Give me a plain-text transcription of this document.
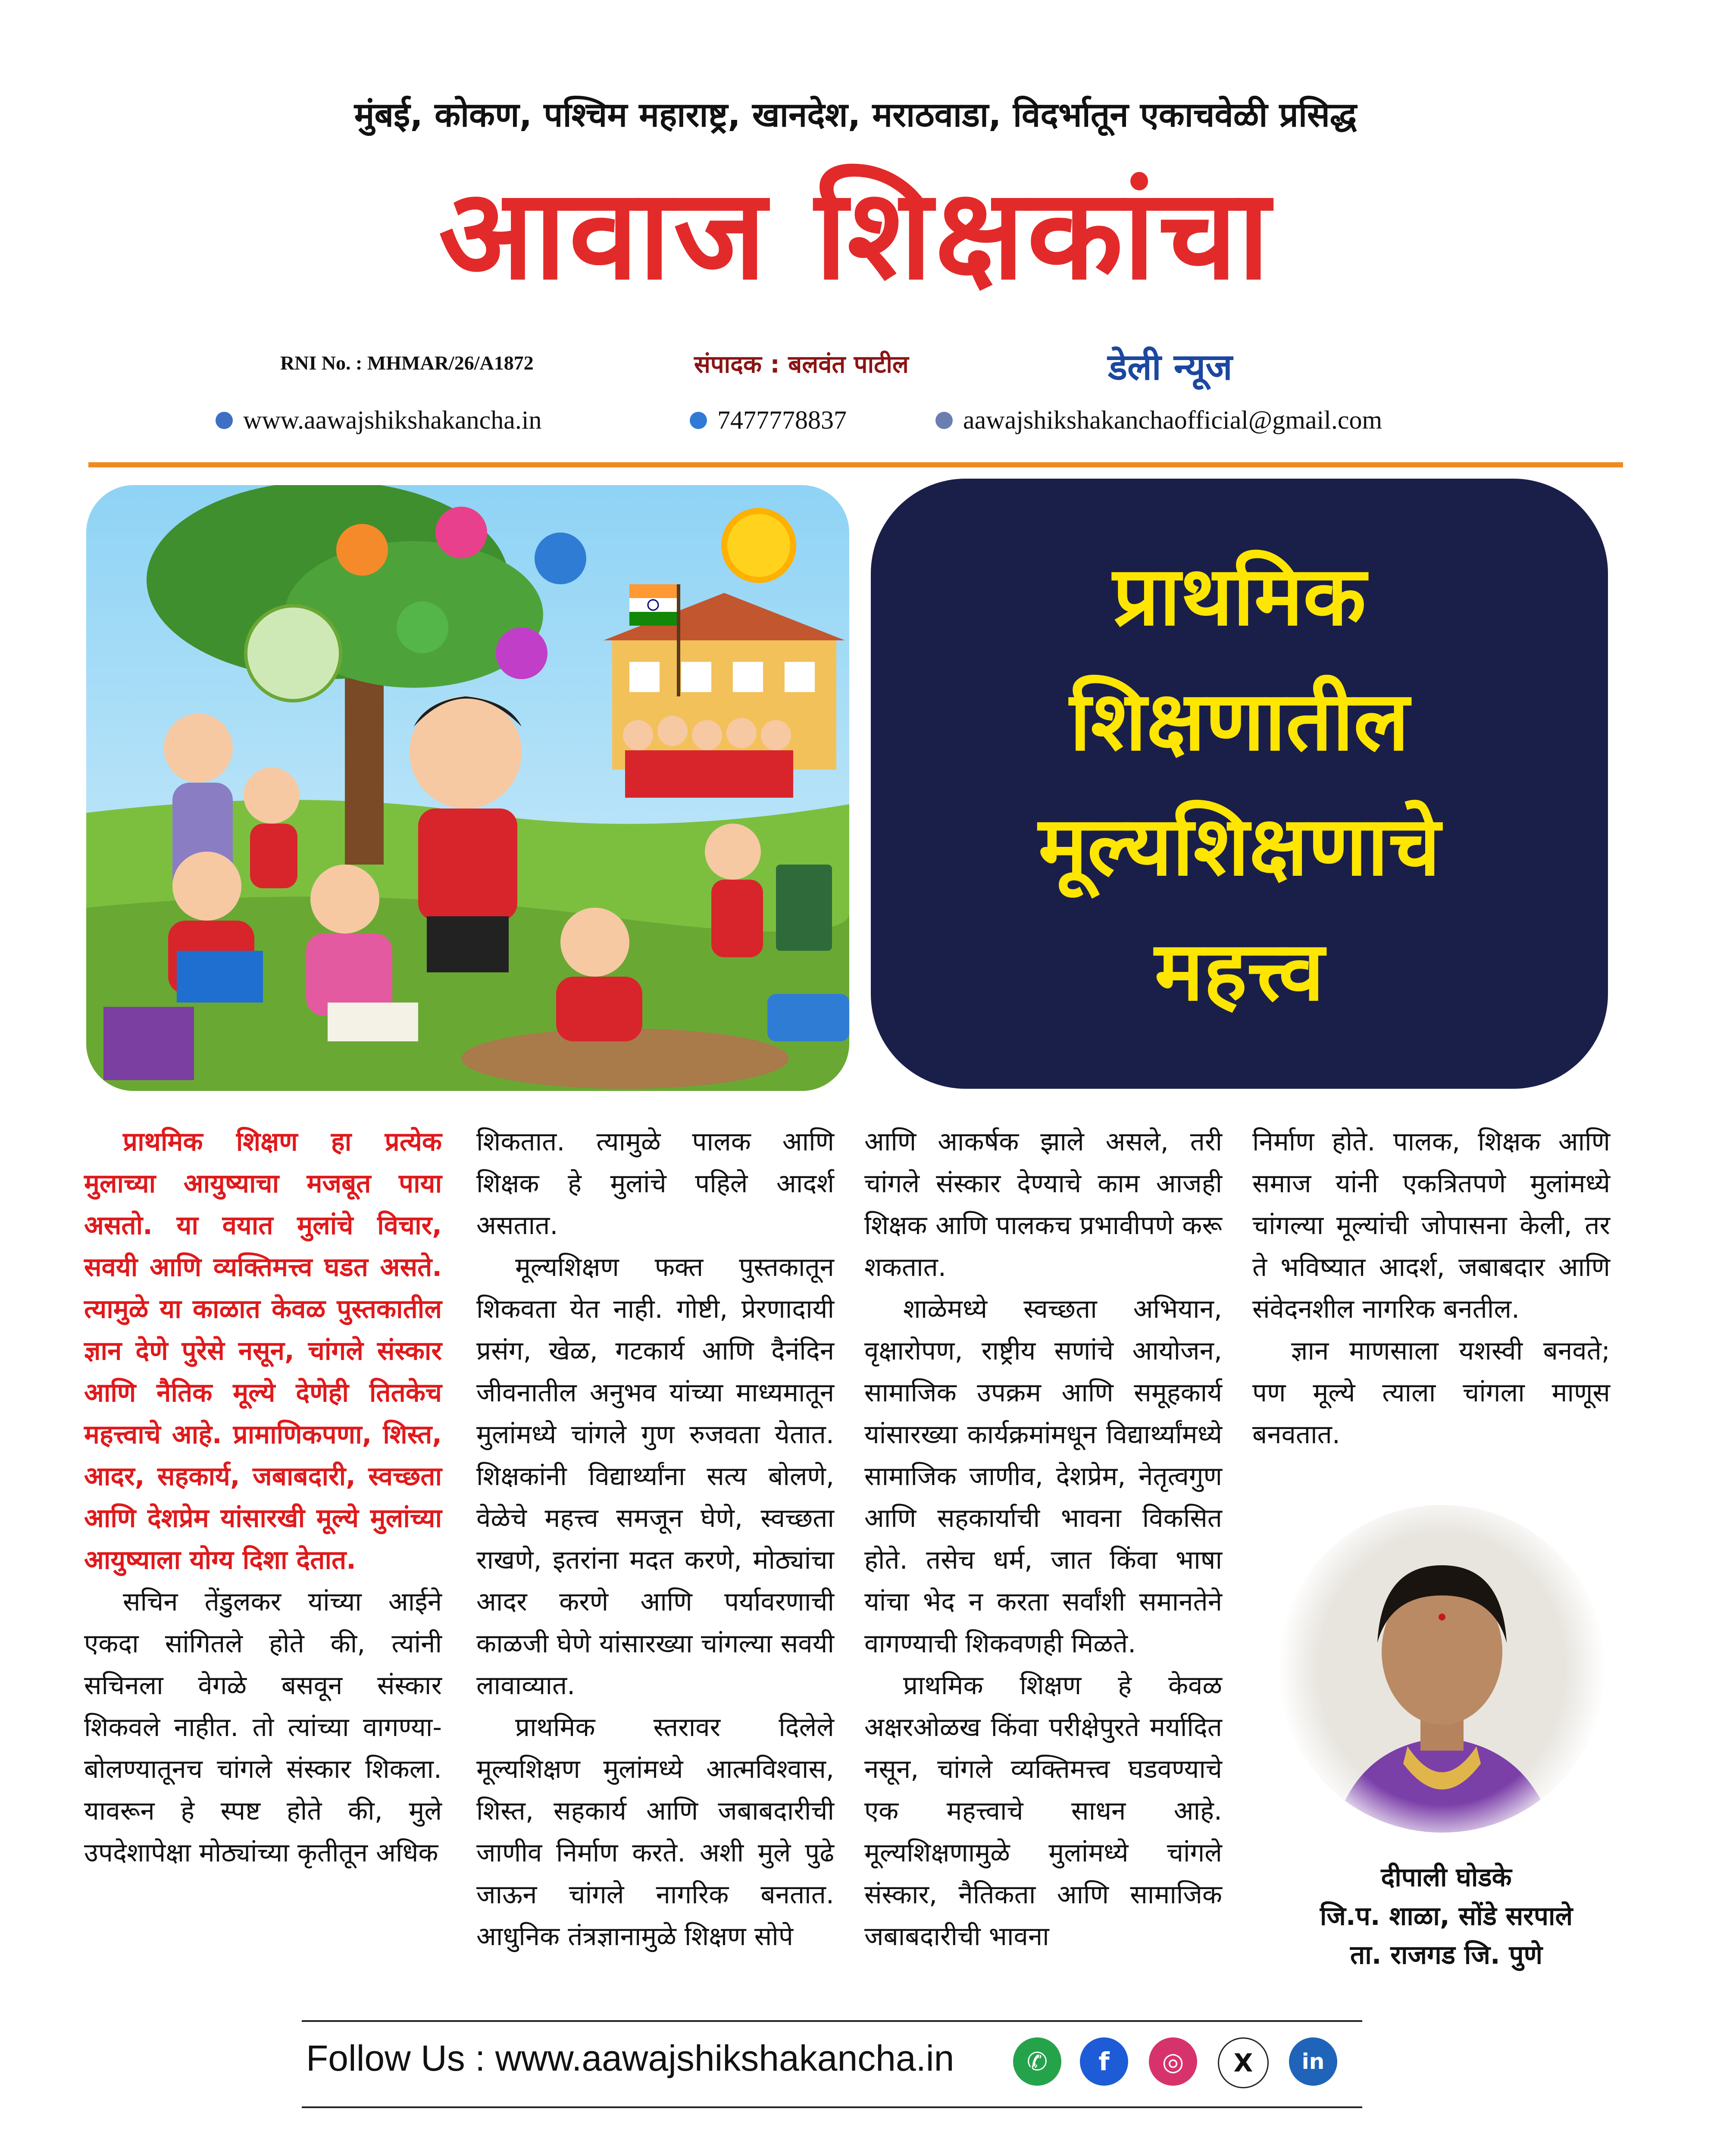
मुंबई, कोकण, पश्चिम महाराष्ट्र, खानदेश, मराठवाडा, विदर्भातून एकाचवेळी प्रसिद्ध
आवाज शिक्षकांचा
RNI No. : MHMAR/26/A1872	संपादक : बलवंत पाटील	डेली न्यूज
www.aawajshikshakancha.in	7477778837	aawajshikshakanchaofficial@gmail.com
प्राथमिक
शिक्षणातील
मूल्यशिक्षणाचे
महत्त्व

प्राथमिक शिक्षण हा प्रत्येक मुलाच्या आयुष्याचा मजबूत पाया असतो. या वयात मुलांचे विचार, सवयी आणि व्यक्तिमत्त्व घडत असते. त्यामुळे या काळात केवळ पुस्तकातील ज्ञान देणे पुरेसे नसून, चांगले संस्कार आणि नैतिक मूल्ये देणेही तितकेच महत्त्वाचे आहे. प्रामाणिकपणा, शिस्त, आदर, सहकार्य, जबाबदारी, स्वच्छता आणि देशप्रेम यांसारखी मूल्ये मुलांच्या आयुष्याला योग्य दिशा देतात.

सचिन तेंडुलकर यांच्या आईने एकदा सांगितले होते की, त्यांनी सचिनला वेगळे बसवून संस्कार शिकवले नाहीत. तो त्यांच्या वागण्या-बोलण्यातूनच चांगले संस्कार शिकला. यावरून हे स्पष्ट होते की, मुले उपदेशापेक्षा मोठ्यांच्या कृतीतून अधिक

शिकतात. त्यामुळे पालक आणि शिक्षक हे मुलांचे पहिले आदर्श असतात.

मूल्यशिक्षण फक्त पुस्तकातून शिकवता येत नाही. गोष्टी, प्रेरणादायी प्रसंग, खेळ, गटकार्य आणि दैनंदिन जीवनातील अनुभव यांच्या माध्यमातून मुलांमध्ये चांगले गुण रुजवता येतात. शिक्षकांनी विद्यार्थ्यांना सत्य बोलणे, वेळेचे महत्त्व समजून घेणे, स्वच्छता राखणे, इतरांना मदत करणे, मोठ्यांचा आदर करणे आणि पर्यावरणाची काळजी घेणे यांसारख्या चांगल्या सवयी लावाव्यात.

प्राथमिक स्तरावर दिलेले मूल्यशिक्षण मुलांमध्ये आत्मविश्वास, शिस्त, सहकार्य आणि जबाबदारीची जाणीव निर्माण करते. अशी मुले पुढे जाऊन चांगले नागरिक बनतात. आधुनिक तंत्रज्ञानामुळे शिक्षण सोपे

आणि आकर्षक झाले असले, तरी चांगले संस्कार देण्याचे काम आजही शिक्षक आणि पालकच प्रभावीपणे करू शकतात.

शाळेमध्ये स्वच्छता अभियान, वृक्षारोपण, राष्ट्रीय सणांचे आयोजन, सामाजिक उपक्रम आणि समूहकार्य यांसारख्या कार्यक्रमांमधून विद्यार्थ्यांमध्ये सामाजिक जाणीव, देशप्रेम, नेतृत्वगुण आणि सहकार्याची भावना विकसित होते. तसेच धर्म, जात किंवा भाषा यांचा भेद न करता सर्वांशी समानतेने वागण्याची शिकवणही मिळते.

प्राथमिक शिक्षण हे केवळ अक्षरओळख किंवा परीक्षेपुरते मर्यादित नसून, चांगले व्यक्तिमत्त्व घडवण्याचे एक महत्त्वाचे साधन आहे. मूल्यशिक्षणामुळे मुलांमध्ये चांगले संस्कार, नैतिकता आणि सामाजिक जबाबदारीची भावना

निर्माण होते. पालक, शिक्षक आणि समाज यांनी एकत्रितपणे मुलांमध्ये चांगल्या मूल्यांची जोपासना केली, तर ते भविष्यात आदर्श, जबाबदार आणि संवेदनशील नागरिक बनतील.

ज्ञान माणसाला यशस्वी बनवते; पण मूल्ये त्याला चांगला माणूस बनवतात.

दीपाली घोडके
जि.प. शाळा, सोंडे सरपाले
ता. राजगड जि. पुणे
Follow Us : www.aawajshikshakancha.in	✆	f	◎	X	in
